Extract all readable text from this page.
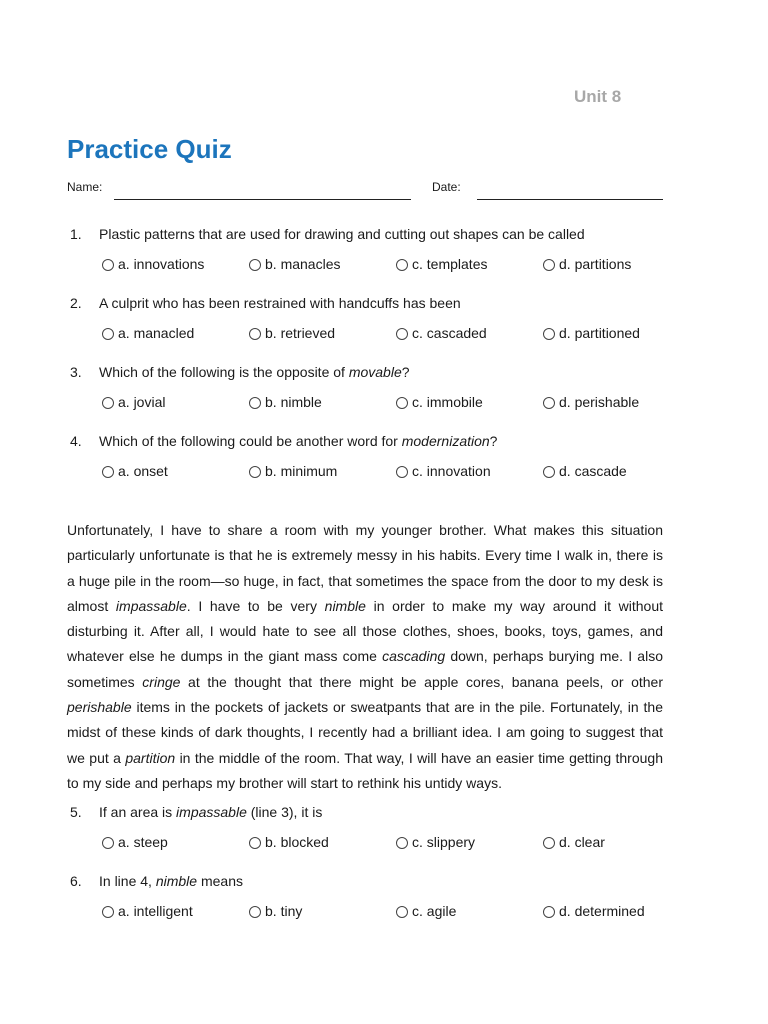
Unit 8
Practice Quiz
Name:	Date:
1. Plastic patterns that are used for drawing and cutting out shapes can be called
a. innovations	b. manacles	c. templates	d. partitions
2. A culprit who has been restrained with handcuffs has been
a. manacled	b. retrieved	c. cascaded	d. partitioned
3. Which of the following is the opposite of movable?
a. jovial	b. nimble	c. immobile	d. perishable
4. Which of the following could be another word for modernization?
a. onset	b. minimum	c. innovation	d. cascade

Unfortunately, I have to share a room with my younger brother. What makes this situation particularly unfortunate is that he is extremely messy in his habits. Every time I walk in, there is a huge pile in the room—so huge, in fact, that sometimes the space from the door to my desk is almost impassable. I have to be very nimble in order to make my way around it without disturbing it. After all, I would hate to see all those clothes, shoes, books, toys, games, and whatever else he dumps in the giant mass come cascading down, perhaps burying me. I also sometimes cringe at the thought that there might be apple cores, banana peels, or other perishable items in the pockets of jackets or sweatpants that are in the pile. Fortunately, in the midst of these kinds of dark thoughts, I recently had a brilliant idea. I am going to suggest that we put a partition in the middle of the room. That way, I will have an easier time getting through to my side and perhaps my brother will start to rethink his untidy ways.

5. If an area is impassable (line 3), it is
a. steep	b. blocked	c. slippery	d. clear
6. In line 4, nimble means
a. intelligent	b. tiny	c. agile	d. determined
